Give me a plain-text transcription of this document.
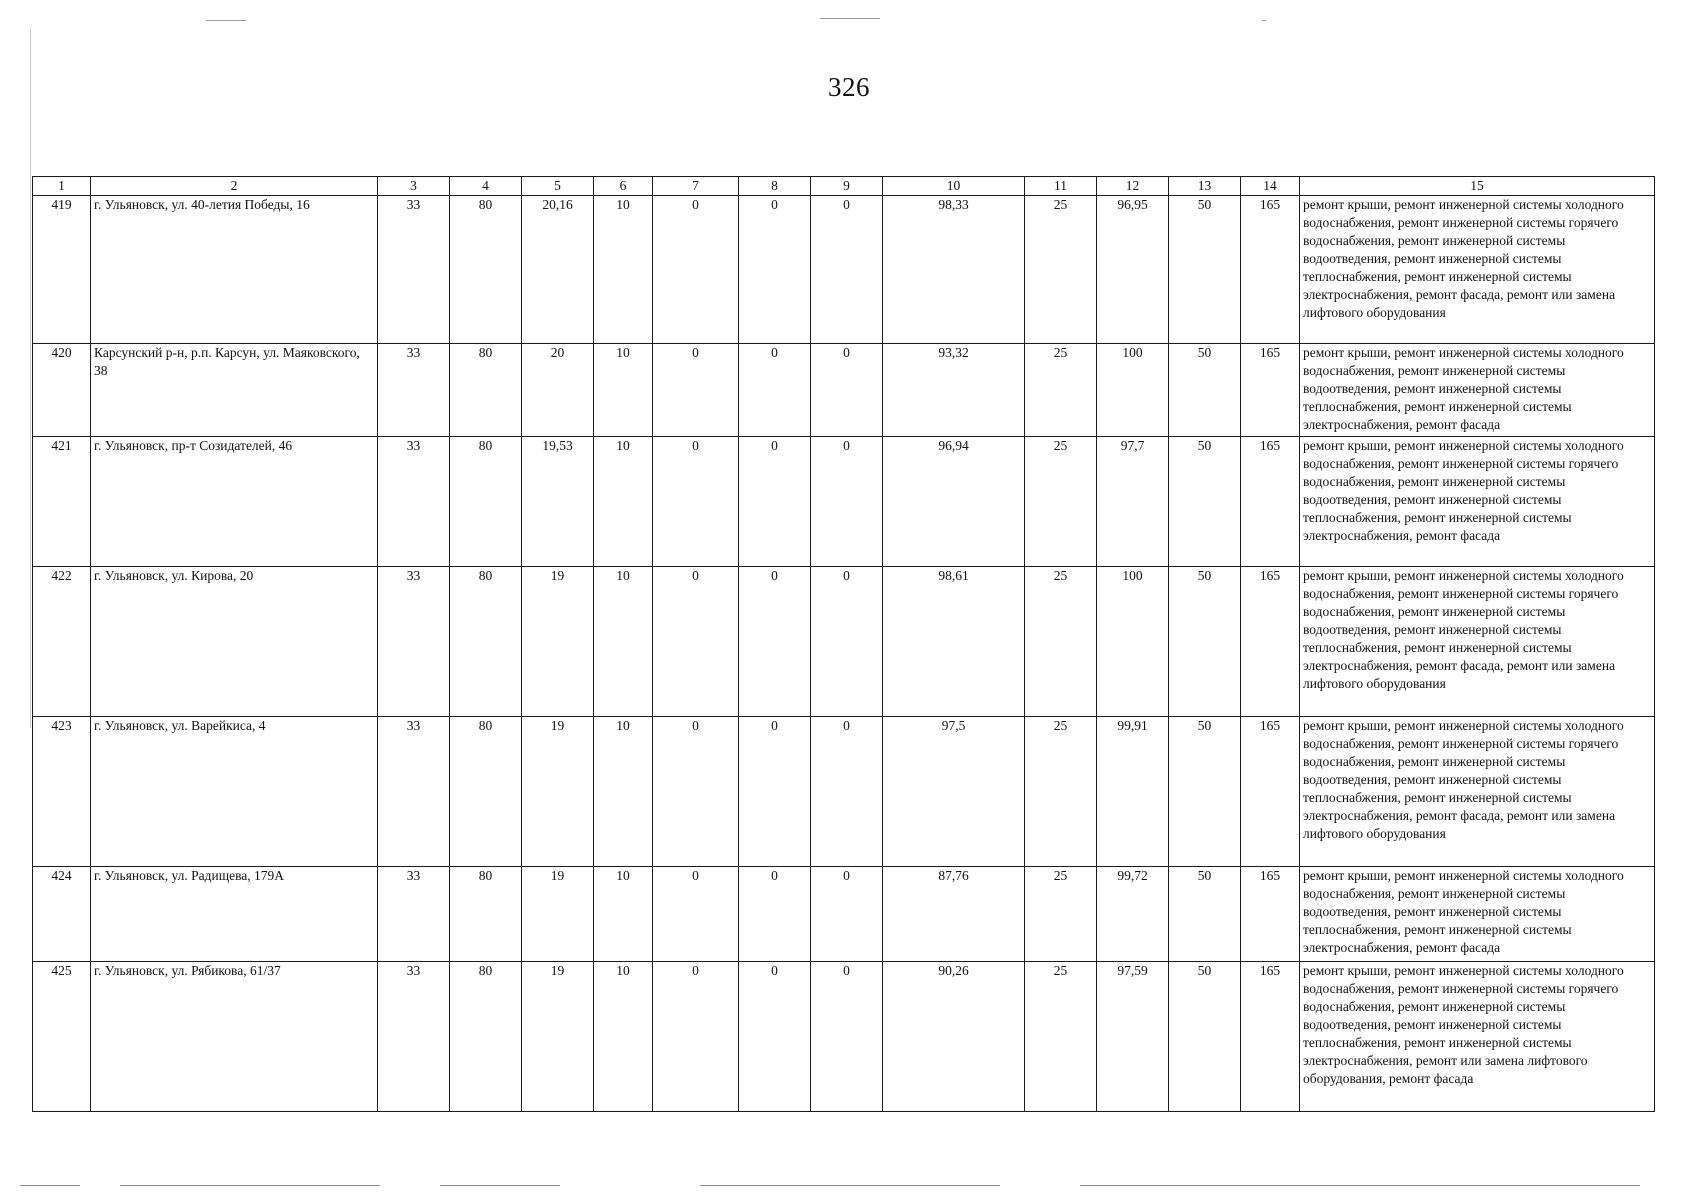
326
1	2	3	4	5	6	7	8	9	10	11	12	13	14	15
419	г. Ульяновск, ул. 40-летия Победы, 16	33	80	20,16	10	0	0	0	98,33	25	96,95	50	165	ремонт крыши, ремонт инженерной системы холодного водоснабжения, ремонт инженерной системы горячего водоснабжения, ремонт инженерной системы водоотведения, ремонт инженерной системы теплоснабжения, ремонт инженерной системы электроснабжения, ремонт фасада, ремонт или замена лифтового оборудования
420	Карсунский р-н, р.п. Карсун, ул. Маяковского, 38	33	80	20	10	0	0	0	93,32	25	100	50	165	ремонт крыши, ремонт инженерной системы холодного водоснабжения, ремонт инженерной системы водоотведения, ремонт инженерной системы теплоснабжения, ремонт инженерной системы электроснабжения, ремонт фасада
421	г. Ульяновск, пр-т Созидателей, 46	33	80	19,53	10	0	0	0	96,94	25	97,7	50	165	ремонт крыши, ремонт инженерной системы холодного водоснабжения, ремонт инженерной системы горячего водоснабжения, ремонт инженерной системы водоотведения, ремонт инженерной системы теплоснабжения, ремонт инженерной системы электроснабжения, ремонт фасада
422	г. Ульяновск, ул. Кирова, 20	33	80	19	10	0	0	0	98,61	25	100	50	165	ремонт крыши, ремонт инженерной системы холодного водоснабжения, ремонт инженерной системы горячего водоснабжения, ремонт инженерной системы водоотведения, ремонт инженерной системы теплоснабжения, ремонт инженерной системы электроснабжения, ремонт фасада, ремонт или замена лифтового оборудования
423	г. Ульяновск, ул. Варейкиса, 4	33	80	19	10	0	0	0	97,5	25	99,91	50	165	ремонт крыши, ремонт инженерной системы холодного водоснабжения, ремонт инженерной системы горячего водоснабжения, ремонт инженерной системы водоотведения, ремонт инженерной системы теплоснабжения, ремонт инженерной системы электроснабжения, ремонт фасада, ремонт или замена лифтового оборудования
424	г. Ульяновск, ул. Радищева, 179А	33	80	19	10	0	0	0	87,76	25	99,72	50	165	ремонт крыши, ремонт инженерной системы холодного водоснабжения, ремонт инженерной системы водоотведения, ремонт инженерной системы теплоснабжения, ремонт инженерной системы электроснабжения, ремонт фасада
425	г. Ульяновск, ул. Рябикова, 61/37	33	80	19	10	0	0	0	90,26	25	97,59	50	165	ремонт крыши, ремонт инженерной системы холодного водоснабжения, ремонт инженерной системы горячего водоснабжения, ремонт инженерной системы водоотведения, ремонт инженерной системы теплоснабжения, ремонт инженерной системы электроснабжения, ремонт или замена лифтового оборудования, ремонт фасада
